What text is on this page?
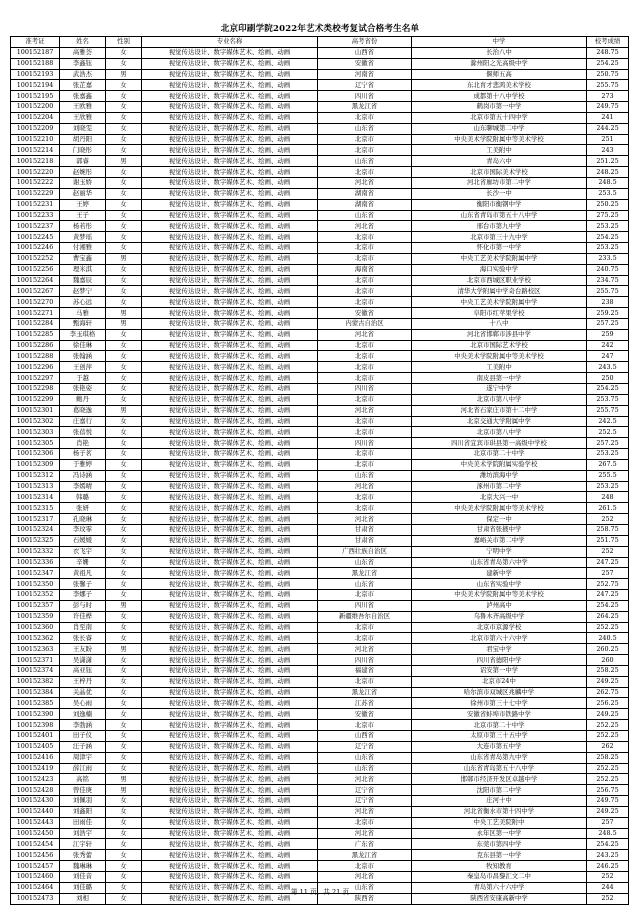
北京印刷学院2022年艺术类校考复试合格考生名单
准考证	姓名	性别	专业名称	高考省份	中学	校考成绩
100152187	高雅荟	女	视觉传达设计、数字媒体艺术、绘画、动画	山西省	长治八中	248.75
100152188	李鑫钰	女	视觉传达设计、数字媒体艺术、绘画、动画	安徽省	滁州阳之光高级中学	254.25
100152193	武浩杰	男	视觉传达设计、数字媒体艺术、绘画、动画	河南省	偃师五高	250.75
100152194	张芷嘉	女	视觉传达设计、数字媒体艺术、绘画、动画	辽宁省	东北育才悲鸿美术学校	255.75
100152195	张嘉鑫	女	视觉传达设计、数字媒体艺术、绘画、动画	四川省	成都第十八中学校	273
100152200	王欧雅	女	视觉传达设计、数字媒体艺术、绘画、动画	黑龙江省	鹤岗市第一中学	249.75
100152204	王欣雅	女	视觉传达设计、数字媒体艺术、绘画、动画	北京市	北京市第五十四中学	241
100152209	刘晓雯	女	视觉传达设计、数字媒体艺术、绘画、动画	山东省	山东聊城第二中学	244.25
100152210	胡丹阳	女	视觉传达设计、数字媒体艺术、绘画、动画	北京市	中央美术学院附属中等美术学校	251
100152214	门晓彤	女	视觉传达设计、数字媒体艺术、绘画、动画	北京市	工美附中	243
100152218	郭睿	男	视觉传达设计、数字媒体艺术、绘画、动画	山东省	青岛六中	251.25
100152220	赵婉彤	女	视觉传达设计、数字媒体艺术、绘画、动画	北京市	北京市国际美术学校	248.25
100152222	谢玉娇	女	视觉传达设计、数字媒体艺术、绘画、动画	河北省	河北省廊坊市第二中学	248.5
100152229	赵丽华	女	视觉传达设计、数字媒体艺术、绘画、动画	湖南省	长沙一中	253.5
100152231	王婷	女	视觉传达设计、数字媒体艺术、绘画、动画	湖南省	衡阳市衡钢中学	250.25
100152233	王子	女	视觉传达设计、数字媒体艺术、绘画、动画	山东省	山东省青岛市第五十八中学	275.25
100152237	杨若彤	女	视觉传达设计、数字媒体艺术、绘画、动画	河北省	邢台市第九中学	253.25
100152245	黄梦瑶	女	视觉传达设计、数字媒体艺术、绘画、动画	北京市	北京市第三十九中学	254.25
100152246	付湘雅	女	视觉传达设计、数字媒体艺术、绘画、动画	北京市	怀化市第一中学	253.25
100152252	曹宝鑫	男	视觉传达设计、数字媒体艺术、绘画、动画	北京市	中央工艺美术学院附属中学	233.5
100152256	理米淇	女	视觉传达设计、数字媒体艺术、绘画、动画	海南省	海口实验中学	240.75
100152264	魏嘉辰	女	视觉传达设计、数字媒体艺术、绘画、动画	北京市	北京市西城区职业学校	234.75
100152267	赵梦宁	女	视觉传达设计、数字媒体艺术、绘画、动画	北京市	清华大学附属中学奇台路校区	255.75
100152270	苏心远	女	视觉传达设计、数字媒体艺术、绘画、动画	北京市	中央工艺美术学院附属中学	238
100152271	马雅	男	视觉传达设计、数字媒体艺术、绘画、动画	安徽省	阜阳市红苹果学校	259.25
100152284	甄海轩	男	视觉传达设计、数字媒体艺术、绘画、动画	内蒙古自治区	十八中	257.25
100152285	李玉琪格	女	视觉传达设计、数字媒体艺术、绘画、动画	河北省	河北省邯郸市涉县中学	259
100152286	徐佳琳	女	视觉传达设计、数字媒体艺术、绘画、动画	北京市	北京市国际艺术学校	242
100152288	张翰涵	女	视觉传达设计、数字媒体艺术、绘画、动画	北京市	中央美术学院附属中等美术学校	247
100152296	王创萍	女	视觉传达设计、数字媒体艺术、绘画、动画	北京市	工美附中	243.5
100152297	于越	女	视觉传达设计、数字媒体艺术、绘画、动画	北京市	南皮县第一中学	250
100152298	张艳姿	女	视觉传达设计、数字媒体艺术、绘画、动画	四川省	遂宁中学	254.25
100152299	鲍丹	女	视觉传达设计、数字媒体艺术、绘画、动画	北京市	北京市第八中学	253.75
100152301	葛晓逸	男	视觉传达设计、数字媒体艺术、绘画、动画	河北省	河北省石家庄市第十二中学	255.75
100152302	庄嘉行	女	视觉传达设计、数字媒体艺术、绘画、动画	北京市	北京交通大学附属中学	242.5
100152303	张蓓悦	女	视觉传达设计、数字媒体艺术、绘画、动画	北京市	北京市第八中学	252.5
100152305	肖艳	女	视觉传达设计、数字媒体艺术、绘画、动画	四川省	四川省宜宾市珙县第一高级中学校	257.25
100152306	杨子茗	女	视觉传达设计、数字媒体艺术、绘画、动画	北京市	北京市第二十中学	253.25
100152309	于雅婷	女	视觉传达设计、数字媒体艺术、绘画、动画	北京市	中央美术学院附属实验学校	267.5
100152312	冯诗涵	女	视觉传达设计、数字媒体艺术、绘画、动画	山东省	潍坊滨海中学	255.5
100152313	李嫣晴	女	视觉传达设计、数字媒体艺术、绘画、动画	河北省	涿州市第二中学	253.25
100152314	韩璐	女	视觉传达设计、数字媒体艺术、绘画、动画	北京市	北京大兴一中	248
100152315	张妍	女	视觉传达设计、数字媒体艺术、绘画、动画	北京市	中央美术学院附属中等美术学校	261.5
100152317	孔晓琳	女	视觉传达设计、数字媒体艺术、绘画、动画	河北省	保定一中	252
100152324	李玟霏	女	视觉传达设计、数字媒体艺术、绘画、动画	甘肃省	甘肃省张掖中学	258.75
100152325	石媛媛	女	视觉传达设计、数字媒体艺术、绘画、动画	甘肃省	嘉峪关市第二中学	251.75
100152332	衣飞宇	女	视觉传达设计、数字媒体艺术、绘画、动画	广西壮族自治区	宁明中学	252
100152336	辛姗	女	视觉传达设计、数字媒体艺术、绘画、动画	山东省	山东省青岛第六中学	247.25
100152347	黄祖凡	女	视觉传达设计、数字媒体艺术、绘画、动画	黑龙江省	建新中学	257
100152350	张馨子	女	视觉传达设计、数字媒体艺术、绘画、动画	山东省	山东省实验中学	252.75
100152352	李娜子	女	视觉传达设计、数字媒体艺术、绘画、动画	北京市	中央美术学院附属中等美术学校	247.25
100152357	彭与时	男	视觉传达设计、数字媒体艺术、绘画、动画	四川省	泸州高中	254.25
100152359	许佳桦	女	视觉传达设计、数字媒体艺术、绘画、动画	新疆维吾尔自治区	乌鲁木齐高级中学	264.25
100152360	肖至南	女	视觉传达设计、数字媒体艺术、绘画、动画	北京市	北京市京源学校	252.25
100152362	张长睿	女	视觉传达设计、数字媒体艺术、绘画、动画	北京市	北京市第六十六中学	240.5
100152363	王友盼	男	视觉传达设计、数字媒体艺术、绘画、动画	河北省	君宝中学	260.25
100152371	吴潇潇	女	视觉传达设计、数字媒体艺术、绘画、动画	四川省	四川省德阳中学	260
100152374	高亚钰	女	视觉传达设计、数字媒体艺术、绘画、动画	福建省	诏安第一中学	258.25
100152382	王梓丹	女	视觉传达设计、数字媒体艺术、绘画、动画	北京市	北京市24中	249.25
100152384	关晶优	女	视觉传达设计、数字媒体艺术、绘画、动画	黑龙江省	哈尔滨市双城区兆麟中学	262.75
100152385	吴心雨	女	视觉传达设计、数字媒体艺术、绘画、动画	江苏省	徐州市第三十七中学	256.25
100152390	刘逸楠	女	视觉传达设计、数字媒体艺术、绘画、动画	安徽省	安徽省蚌埠市铁路中学	249.25
100152398	李勃涵	女	视觉传达设计、数字媒体艺术、绘画、动画	北京市	北京市第二十中学	252.25
100152401	田子仪	女	视觉传达设计、数字媒体艺术、绘画、动画	山西省	太原市第三十五中学	252.25
100152405	汪子涵	女	视觉传达设计、数字媒体艺术、绘画、动画	辽宁省	大连市第五中学	262
100152416	周津宇	女	视觉传达设计、数字媒体艺术、绘画、动画	山东省	山东省青岛第九中学	258.25
100152419	薛江雨	女	视觉传达设计、数字媒体艺术、绘画、动画	山东省	山东省青岛第五十八中学	252.25
100152423	高铭	男	视觉传达设计、数字媒体艺术、绘画、动画	河北省	邯郸市经济开发区卓越中学	252.25
100152428	曾佳庚	男	视觉传达设计、数字媒体艺术、绘画、动画	辽宁省	沈阳市第二中学	256.75
100152430	刘佩羽	女	视觉传达设计、数字媒体艺术、绘画、动画	辽宁省	庄河十中	249.75
100152440	刘鑫阳	女	视觉传达设计、数字媒体艺术、绘画、动画	河北省	河北省衡水市第十四中学	249.25
100152443	田雨佳	女	视觉传达设计、数字媒体艺术、绘画、动画	北京市	中央工艺美院附中	257
100152450	刘浩宇	女	视觉传达设计、数字媒体艺术、绘画、动画	河北省	永年区第一中学	248.5
100152454	江宇轩	女	视觉传达设计、数字媒体艺术、绘画、动画	广东省	东莞市第四中学	254.25
100152456	张秀蕾	女	视觉传达设计、数字媒体艺术、绘画、动画	黑龙江省	克东县第一中学	243.25
100152457	魏琳琳	女	视觉传达设计、数字媒体艺术、绘画、动画	北京市	牧知教育	246.25
100152460	刘佳音	女	视觉传达设计、数字媒体艺术、绘画、动画	河北省	秦皇岛市昌黎汇文二中	252
100152464	刘佳璐	女	视觉传达设计、数字媒体艺术、绘画、动画	山东省	青岛第六十六中学	244
100152473	刘相	女	视觉传达设计、数字媒体艺术、绘画、动画	陕西省	陕西省安康高新中学	252
第 11 页，共 21 页
